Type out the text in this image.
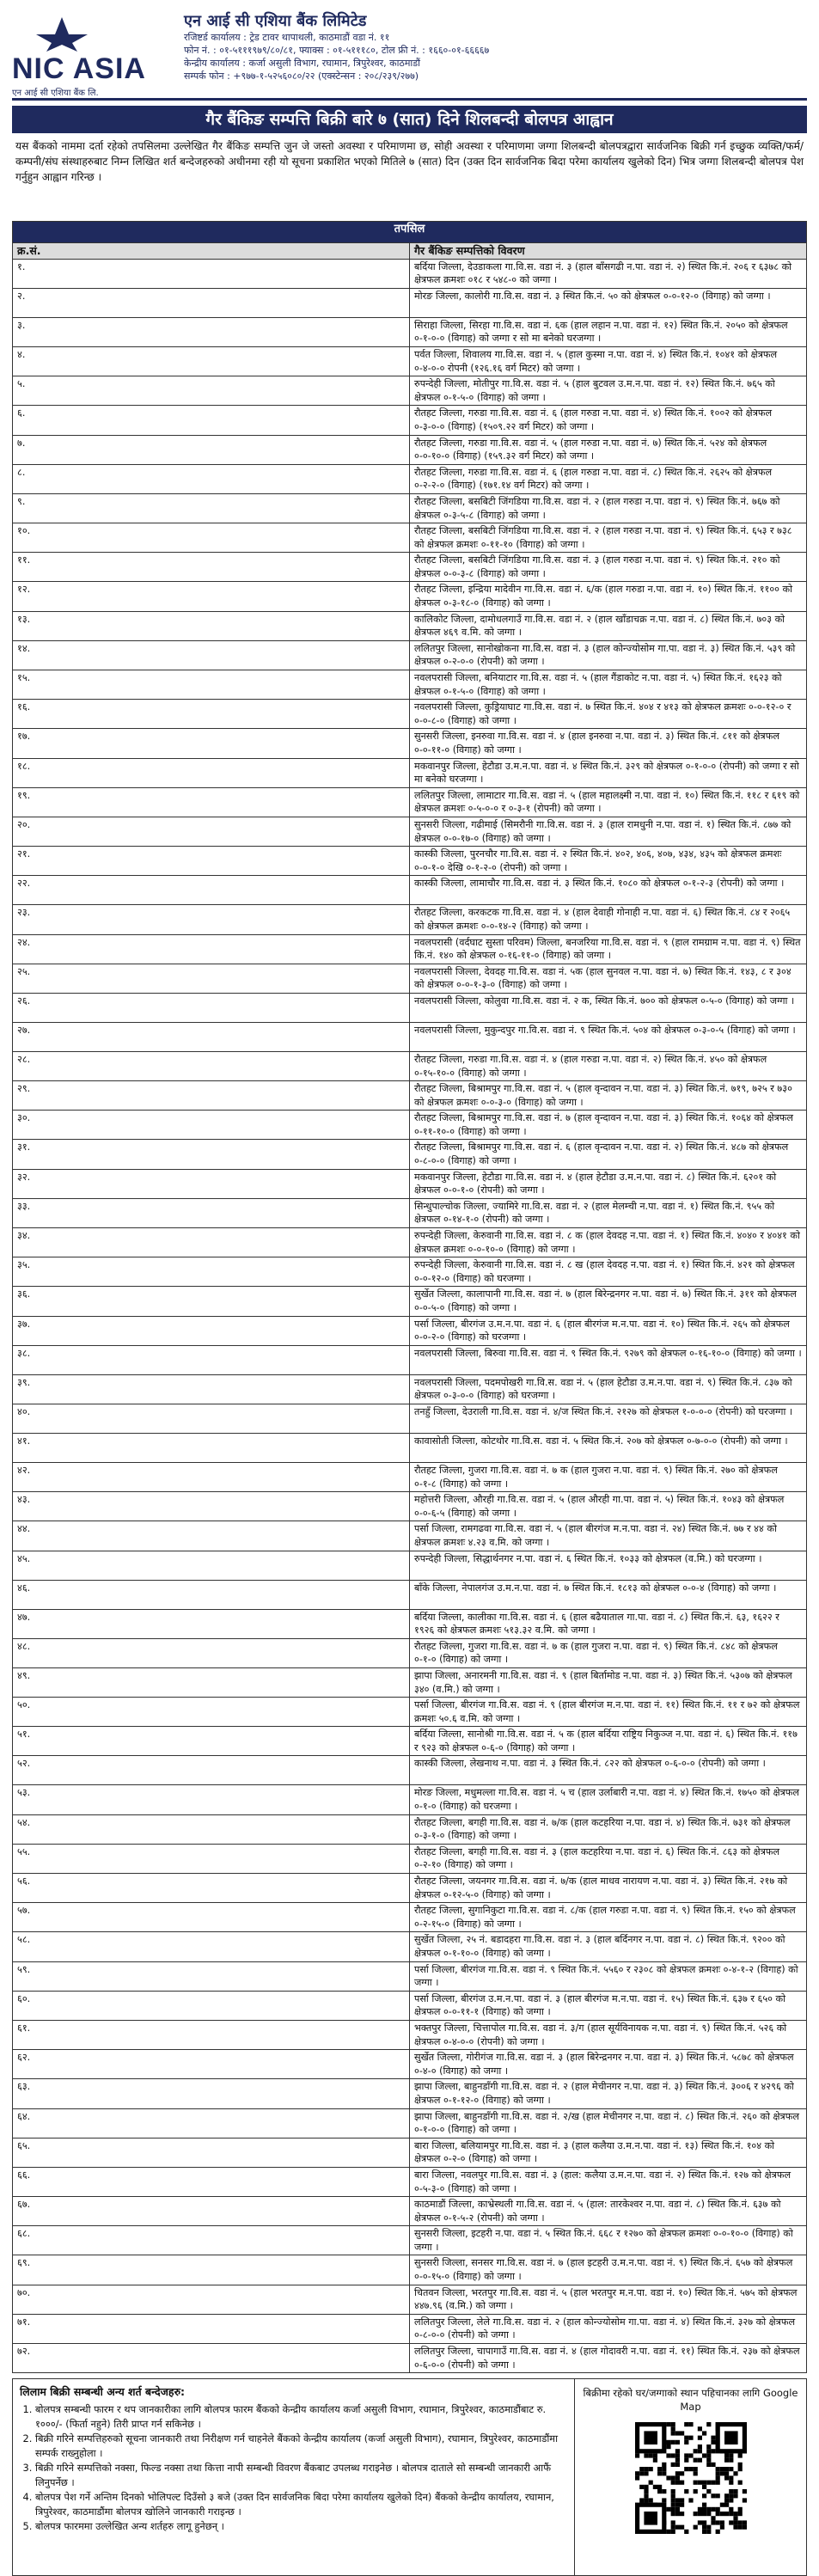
NIC ASIA
एन आई सी एशिया बैंक लि.
एन आई सी एशिया बैंक लिमिटेड
रजिष्टर्ड कार्यालय : ट्रेड टावर थापाथली, काठमाडौं वडा नं. ११
फोन नं. : ०१-५१११९७९/८०/८१, फ्याक्स : ०१-५१११८०, टोल फ्री नं. : १६६०-०१-६६६६७
केन्द्रीय कार्यालय : कर्जा असुली विभाग, रघामान, त्रिपुरेश्वर, काठमाडौं
सम्पर्क फोन : +९७७-१-५२५६०८०/२२ (एक्स्टेन्सन : २०८/२३९/२७७)
गैर बैंकिङ सम्पत्ति बिक्री बारे ७ (सात) दिने शिलबन्दी बोलपत्र आह्वान
यस बैंकको नाममा दर्ता रहेको तपसिलमा उल्लेखित गैर बैंकिङ सम्पत्ति जुन जे जस्तो अवस्था र परिमाणमा छ, सोही अवस्था र परिमाणमा जग्गा शिलबन्दी बोलपत्रद्वारा सार्वजनिक बिक्री गर्न इच्छुक व्यक्ति/फर्म/कम्पनी/संघ संस्थाहरुबाट निम्न लिखित शर्त बन्देजहरुको अधीनमा रही यो सूचना प्रकाशित भएको मितिले ७ (सात) दिन (उक्त दिन सार्वजनिक बिदा परेमा कार्यालय खुलेको दिन) भित्र जग्गा शिलबन्दी बोलपत्र पेश गर्नुहुन आह्वान गरिन्छ ।
तपसिल	
क्र.सं.	गैर बैंकिङ सम्पत्तिको विवरण
१.	बर्दिया जिल्ला, देउडाकला गा.वि.स. वडा नं. ३ (हाल बाँसगढी न.पा. वडा नं. २) स्थित कि.नं. २०६ र ६३७८ को क्षेत्रफल क्रमशः ०१८ र ५४८-० को जग्गा ।
२.	मोरङ जिल्ला, कालोरी गा.वि.स. वडा नं. ३ स्थित कि.नं. ५० को क्षेत्रफल ०-०-१२-० (विगाह) को जग्गा ।
३.	सिराहा जिल्ला, सिरहा गा.वि.स. वडा नं. ६क (हाल लहान न.पा. वडा नं. १२) स्थित कि.नं. २०५० को क्षेत्रफल ०-१-०-० (विगाह) को जग्गा र सो मा बनेको घरजग्गा ।
४.	पर्वत जिल्ला, शिवालय गा.वि.स. वडा नं. ५ (हाल कुस्मा न.पा. वडा नं. ४) स्थित कि.नं. १०४१ को क्षेत्रफल ०-४-०-० रोपनी (१२६.१६ वर्ग मिटर) को जग्गा ।
५.	रुपन्देही जिल्ला, मोतीपुर गा.वि.स. वडा नं. ५ (हाल बुटवल उ.म.न.पा. वडा नं. १२) स्थित कि.नं. ७६५ को क्षेत्रफल ०-१-५-० (विगाह) को जग्गा ।
६.	रौतहट जिल्ला, गरुडा गा.वि.स. वडा नं. ६ (हाल गरुडा न.पा. वडा नं. ४) स्थित कि.नं. १००२ को क्षेत्रफल ०-३-०-० (विगाह) (१५०९.२२ वर्ग मिटर) को जग्गा ।
७.	रौतहट जिल्ला, गरुडा गा.वि.स. वडा नं. ५ (हाल गरुडा न.पा. वडा नं. ७) स्थित कि.नं. ५२४ को क्षेत्रफल ०-०-१०-० (विगाह) (१५९.३२ वर्ग मिटर) को जग्गा ।
८.	रौतहट जिल्ला, गरुडा गा.वि.स. वडा नं. ६ (हाल गरुडा न.पा. वडा नं. ८) स्थित कि.नं. २६२५ को क्षेत्रफल ०-२-२-० (विगाह) (१७१.१४ वर्ग मिटर) को जग्गा ।
९.	रौतहट जिल्ला, बसबिटी जिंगडिया गा.वि.स. वडा नं. २ (हाल गरुडा न.पा. वडा नं. ९) स्थित कि.नं. ७६७ को क्षेत्रफल ०-३-५-८ (विगाह) को जग्गा ।
१०.	रौतहट जिल्ला, बसबिटी जिंगडिया गा.वि.स. वडा नं. २ (हाल गरुडा न.पा. वडा नं. ९) स्थित कि.नं. ६५३ र ७३८ को क्षेत्रफल क्रमशः ०-११-१० (विगाह) को जग्गा ।
११.	रौतहट जिल्ला, बसबिटी जिंगडिया गा.वि.स. वडा नं. ३ (हाल गरुडा न.पा. वडा नं. ९) स्थित कि.नं. २१० को क्षेत्रफल ०-०-३-८ (विगाह) को जग्गा ।
१२.	रौतहट जिल्ला, इन्द्रिया मादेवीन गा.वि.स. वडा नं. ६/क (हाल गरुडा न.पा. वडा नं. १०) स्थित कि.नं. ११०० को क्षेत्रफल ०-३-१८-० (विगाह) को जग्गा ।
१३.	कालिकोट जिल्ला, दामोधलगाउँ गा.वि.स. वडा नं. २ (हाल खाँडाचक्र न.पा. वडा नं. ८) स्थित कि.नं. ७०३ को क्षेत्रफल ४६९ व.मि. को जग्गा ।
१४.	ललितपुर जिल्ला, सानोखोकना गा.वि.स. वडा नं. ३ (हाल कोन्ज्योसोम गा.पा. वडा नं. ३) स्थित कि.नं. ५३९ को क्षेत्रफल ०-२-०-० (रोपनी) को जग्गा ।
१५.	नवलपरासी जिल्ला, बनियाटार गा.वि.स. वडा नं. ५ (हाल गैंडाकोट न.पा. वडा नं. ५) स्थित कि.नं. १६२३ को क्षेत्रफल ०-१-५-० (विगाह) को जग्गा ।
१६.	नवलपरासी जिल्ला, कुड्रियाघाट गा.वि.स. वडा नं. ७ स्थित कि.नं. ४०४ र ४१३ को क्षेत्रफल क्रमशः ०-०-१२-० र ०-०-८-० (विगाह) को जग्गा ।
१७.	सुनसरी जिल्ला, इनरुवा गा.वि.स. वडा नं. ४ (हाल इनरुवा न.पा. वडा नं. ३) स्थित कि.नं. ८११ को क्षेत्रफल ०-०-११-० (विगाह) को जग्गा ।
१८.	मकवानपुर जिल्ला, हेटौडा उ.म.न.पा. वडा नं. ४ स्थित कि.नं. ३२९ को क्षेत्रफल ०-१-०-० (रोपनी) को जग्गा र सो मा बनेको घरजग्गा ।
१९.	ललितपुर जिल्ला, लामाटार गा.वि.स. वडा नं. ५ (हाल महालक्ष्मी न.पा. वडा नं. १०) स्थित कि.नं. ११८ र ६१९ को क्षेत्रफल क्रमशः ०-५-०-० र ०-३-१ (रोपनी) को जग्गा ।
२०.	सुनसरी जिल्ला, गढीमाई (सिमरौनी गा.वि.स. वडा नं. ३ (हाल रामधुनी न.पा. वडा नं. १) स्थित कि.नं. ८७७ को क्षेत्रफल ०-०-१७-० (विगाह) को जग्गा ।
२१.	कास्की जिल्ला, पुरनचौर गा.वि.स. वडा नं. २ स्थित कि.नं. ४०२, ४०६, ४०७, ४३४, ४३५ को क्षेत्रफल क्रमशः ०-०-१-० देखि ०-१-२-० (रोपनी) को जग्गा ।
२२.	कास्की जिल्ला, लामाचौर गा.वि.स. वडा नं. ३ स्थित कि.नं. १०८० को क्षेत्रफल ०-१-२-३ (रोपनी) को जग्गा ।
२३.	रौतहट जिल्ला, करकटक गा.वि.स. वडा नं. ४ (हाल देवाही गोनाही न.पा. वडा नं. ६) स्थित कि.नं. ८४ र २०६५ को क्षेत्रफल क्रमशः ०-०-१४-२ (विगाह) को जग्गा ।
२४.	नवलपरासी (वर्दघाट सुस्ता परिवम) जिल्ला, बनजरिया गा.वि.स. वडा नं. ९ (हाल रामग्राम न.पा. वडा नं. ९) स्थित कि.नं. १४० को क्षेत्रफल ०-१६-११-० (विगाह) को जग्गा ।
२५.	नवलपरासी जिल्ला, देवदह गा.वि.स. वडा नं. ५क (हाल सुनवल न.पा. वडा नं. ७) स्थित कि.नं. १४३, ८ र ३०४ को क्षेत्रफल ०-०-१-३-० (विगाह) को जग्गा ।
२६.	नवलपरासी जिल्ला, कोलुवा गा.वि.स. वडा नं. २ क, स्थित कि.नं. ७०० को क्षेत्रफल ०-५-० (विगाह) को जग्गा ।
२७.	नवलपरासी जिल्ला, मुकुन्दपुर गा.वि.स. वडा नं. ९ स्थित कि.नं. ५०४ को क्षेत्रफल ०-३-०-५ (विगाह) को जग्गा ।
२८.	रौतहट जिल्ला, गरुडा गा.वि.स. वडा नं. ४ (हाल गरुडा न.पा. वडा नं. २) स्थित कि.नं. ४५० को क्षेत्रफल ०-१५-१०-० (विगाह) को जग्गा ।
२९.	रौतहट जिल्ला, बिश्रामपुर गा.वि.स. वडा नं. ५ (हाल वृन्दावन न.पा. वडा नं. ३) स्थित कि.नं. ७१९, ७२५ र ७३० को क्षेत्रफल क्रमशः ०-०-३-० (विगाह) को जग्गा ।
३०.	रौतहट जिल्ला, बिश्रामपुर गा.वि.स. वडा नं. ७ (हाल वृन्दावन न.पा. वडा नं. ३) स्थित कि.नं. १०६४ को क्षेत्रफल ०-११-१०-० (विगाह) को जग्गा ।
३१.	रौतहट जिल्ला, बिश्रामपुर गा.वि.स. वडा नं. ६ (हाल वृन्दावन न.पा. वडा नं. २) स्थित कि.नं. ४८७ को क्षेत्रफल ०-८-०-० (विगाह) को जग्गा ।
३२.	मकवानपुर जिल्ला, हेटौडा गा.वि.स. वडा नं. ४ (हाल हेटौडा उ.म.न.पा. वडा नं. ८) स्थित कि.नं. ६२०१ को क्षेत्रफल ०-०-१-० (रोपनी) को जग्गा ।
३३.	सिन्धुपाल्चोक जिल्ला, ज्यामिरे गा.वि.स. वडा नं. २ (हाल मेलम्ची न.पा. वडा नं. १) स्थित कि.नं. ९५५ को क्षेत्रफल ०-१४-१-० (रोपनी) को जग्गा ।
३४.	रुपन्देही जिल्ला, केरुवानी गा.वि.स. वडा नं. ८ क (हाल देवदह न.पा. वडा नं. १) स्थित कि.नं. ४०४० र ४०४१ को क्षेत्रफल क्रमशः ०-०-१०-० (विगाह) को जग्गा ।
३५.	रुपन्देही जिल्ला, केरुवानी गा.वि.स. वडा नं. ८ ख (हाल देवदह न.पा. वडा नं. १) स्थित कि.नं. ४२१ को क्षेत्रफल ०-०-१२-० (विगाह) को घरजग्गा ।
३६.	सुर्खेत जिल्ला, कालापानी गा.वि.स. वडा नं. ७ (हाल बिरेन्द्रनगर न.पा. वडा नं. ७) स्थित कि.नं. ३११ को क्षेत्रफल ०-०-५-० (विगाह) को जग्गा ।
३७.	पर्सा जिल्ला, बीरगंज उ.म.न.पा. वडा नं. ६ (हाल बीरगंज म.न.पा. वडा नं. १०) स्थित कि.नं. २६५ को क्षेत्रफल ०-०-२-० (विगाह) को घरजग्गा ।
३८.	नवलपरासी जिल्ला, बिरुवा गा.वि.स. वडा नं. ९ स्थित कि.नं. ९२७९ को क्षेत्रफल ०-१६-१०-० (विगाह) को जग्गा ।
३९.	नवलपरासी जिल्ला, पदमपोखरी गा.वि.स. वडा नं. ५ (हाल हेटौडा उ.म.न.पा. वडा नं. ९) स्थित कि.नं. ८३७ को क्षेत्रफल ०-३-०-० (विगाह) को घरजग्गा ।
४०.	तनहुँ जिल्ला, देउराली गा.वि.स. वडा नं. ४/ज स्थित कि.नं. २१२७ को क्षेत्रफल १-०-०-० (रोपनी) को घरजग्गा ।
४१.	कावासोती जिल्ला, कोटथोर गा.वि.स. वडा नं. ५ स्थित कि.नं. २०७ को क्षेत्रफल ०-७-०-० (रोपनी) को जग्गा ।
४२.	रौतहट जिल्ला, गुजरा गा.वि.स. वडा नं. ७ क (हाल गुजरा न.पा. वडा नं. ९) स्थित कि.नं. २७० को क्षेत्रफल ०-१-८ (विगाह) को जग्गा ।
४३.	महोत्तरी जिल्ला, औरही गा.वि.स. वडा नं. ५ (हाल औरही गा.पा. वडा नं. ५) स्थित कि.नं. १०४३ को क्षेत्रफल ०-०-६-५ (विगाह) को जग्गा ।
४४.	पर्सा जिल्ला, रामगढवा गा.वि.स. वडा नं. ५ (हाल बीरगंज म.न.पा. वडा नं. २४) स्थित कि.नं. ७७ र ४४ को क्षेत्रफल क्रमशः ४.२३ व.मि. को जग्गा ।
४५.	रुपन्देही जिल्ला, सिद्धार्थनगर न.पा. वडा नं. ६ स्थित कि.नं. १०३३ को क्षेत्रफल (व.मि.) को घरजग्गा ।
४६.	बाँके जिल्ला, नेपालगंज उ.म.न.पा. वडा नं. ७ स्थित कि.नं. १८१३ को क्षेत्रफल ०-०-४ (विगाह) को जग्गा ।
४७.	बर्दिया जिल्ला, कालीका गा.वि.स. वडा नं. ६ (हाल बढैयाताल गा.पा. वडा नं. ८) स्थित कि.नं. ६३, १६२२ र १९२६ को क्षेत्रफल क्रमशः ५१३.३२ व.मि. को जग्गा ।
४८.	रौतहट जिल्ला, गुजरा गा.वि.स. वडा नं. ७ क (हाल गुजरा न.पा. वडा नं. ९) स्थित कि.नं. ८४८ को क्षेत्रफल ०-१-० (विगाह) को जग्गा ।
४९.	झापा जिल्ला, अनारमनी गा.वि.स. वडा नं. ९ (हाल बिर्तामोड न.पा. वडा नं. ३) स्थित कि.नं. ५३०७ को क्षेत्रफल ३४० (व.मि.) को जग्गा ।
५०.	पर्सा जिल्ला, बीरगंज गा.वि.स. वडा नं. ९ (हाल बीरगंज म.न.पा. वडा नं. ११) स्थित कि.नं. ११ र ७२ को क्षेत्रफल क्रमशः ५०.६ व.मि. को जग्गा ।
५१.	बर्दिया जिल्ला, सानोश्री गा.वि.स. वडा नं. ५ क (हाल बर्दिया राष्ट्रिय निकुञ्ज न.पा. वडा नं. ६) स्थित कि.नं. ११७ र ९२३ को क्षेत्रफल ०-६-० (विगाह) को जग्गा ।
५२.	कास्की जिल्ला, लेखनाथ न.पा. वडा नं. ३ स्थित कि.नं. ८२२ को क्षेत्रफल ०-६-०-० (रोपनी) को जग्गा ।
५३.	मोरङ जिल्ला, मधुमल्ला गा.वि.स. वडा नं. ५ च (हाल उर्लाबारी न.पा. वडा नं. ४) स्थित कि.नं. १७५० को क्षेत्रफल ०-१-० (विगाह) को घरजग्गा ।
५४.	रौतहट जिल्ला, बगही गा.वि.स. वडा नं. ७/क (हाल कटहरिया न.पा. वडा नं. ४) स्थित कि.नं. ७३१ को क्षेत्रफल ०-३-१-० (विगाह) को जग्गा ।
५५.	रौतहट जिल्ला, बगही गा.वि.स. वडा नं. ३ (हाल कटहरिया न.पा. वडा नं. ६) स्थित कि.नं. ८६३ को क्षेत्रफल ०-२-१० (विगाह) को जग्गा ।
५६.	रौतहट जिल्ला, जयनगर गा.वि.स. वडा नं. ७/क (हाल माधव नारायण न.पा. वडा नं. ३) स्थित कि.नं. २१७ को क्षेत्रफल ०-१२-५-० (विगाह) को जग्गा ।
५७.	रौतहट जिल्ला, सुगानिकुटा गा.वि.स. वडा नं. ८/क (हाल गरुडा न.पा. वडा नं. ९) स्थित कि.नं. १५० को क्षेत्रफल ०-२-१५-० (विगाह) को जग्गा ।
५८.	सुर्खेत जिल्ला, २५ नं. बडादहरा गा.वि.स. वडा नं. ३ (हाल बर्दिनगर न.पा. वडा नं. ८) स्थित कि.नं. ९२०० को क्षेत्रफल ०-१-१०-० (विगाह) को जग्गा ।
५९.	पर्सा जिल्ला, बीरगंज गा.वि.स. वडा नं. ९ स्थित कि.नं. ५५६० र २३०८ को क्षेत्रफल क्रमशः ०-४-१-२ (विगाह) को जग्गा ।
६०.	पर्सा जिल्ला, बीरगंज उ.म.न.पा. वडा नं. ३ (हाल बीरगंज म.न.पा. वडा नं. १५) स्थित कि.नं. ६३७ र ६५० को क्षेत्रफल ०-०-११-१ (विगाह) को जग्गा ।
६१.	भक्तपुर जिल्ला, चित्तापोल गा.वि.स. वडा नं. ३/ग (हाल सूर्यविनायक न.पा. वडा नं. ९) स्थित कि.नं. ५२६ को क्षेत्रफल ०-४-०-० (रोपनी) को जग्गा ।
६२.	सुर्खेत जिल्ला, गोरीगंज गा.वि.स. वडा नं. ३ (हाल बिरेन्द्रनगर न.पा. वडा नं. ३) स्थित कि.नं. ५८७८ को क्षेत्रफल ०-४-० (विगाह) को जग्गा ।
६३.	झापा जिल्ला, बाहुनडाँगी गा.वि.स. वडा नं. २ (हाल मेचीनगर न.पा. वडा नं. ३) स्थित कि.नं. ३००६ र ४२९६ को क्षेत्रफल ०-१-१२-० (विगाह) को जग्गा ।
६४.	झापा जिल्ला, बाहुनडाँगी गा.वि.स. वडा नं. २/ख (हाल मेचीनगर न.पा. वडा नं. ८) स्थित कि.नं. २६० को क्षेत्रफल ०-१-०-० (विगाह) को जग्गा ।
६५.	बारा जिल्ला, बलियामपुर गा.वि.स. वडा नं. ३ (हाल कलैया उ.म.न.पा. वडा नं. १३) स्थित कि.नं. १०४ को क्षेत्रफल ०-२-० (विगाह) को जग्गा ।
६६.	बारा जिल्ला, नवलपुर गा.वि.स. वडा नं. ३ (हाल: कलैया उ.म.न.पा. वडा नं. २) स्थित कि.नं. १२७ को क्षेत्रफल ०-५-३-० (विगाह) को जग्गा ।
६७.	काठमाडौं जिल्ला, काभ्रेस्थली गा.वि.स. वडा नं. ५ (हाल: तारकेश्वर न.पा. वडा नं. ८) स्थित कि.नं. ६३७ को क्षेत्रफल ०-१-५-२ (रोपनी) को जग्गा ।
६८.	सुनसरी जिल्ला, इटहरी न.पा. वडा नं. ५ स्थित कि.नं. ६६८ र १२७० को क्षेत्रफल क्रमशः ०-०-१०-० (विगाह) को जग्गा ।
६९.	सुनसरी जिल्ला, सनसर गा.वि.स. वडा नं. ७ (हाल इटहरी उ.म.न.पा. वडा नं. ९) स्थित कि.नं. ६५७ को क्षेत्रफल ०-०-१५-० (विगाह) को जग्गा ।
७०.	चितवन जिल्ला, भरतपुर गा.वि.स. वडा नं. ५ (हाल भरतपुर म.न.पा. वडा नं. १०) स्थित कि.नं. ५७५ को क्षेत्रफल ४४७.९६ (व.मि.) को जग्गा ।
७१.	ललितपुर जिल्ला, लेले गा.वि.स. वडा नं. २ (हाल कोन्ज्योसोम गा.पा. वडा नं. ४) स्थित कि.नं. ३२७ को क्षेत्रफल ०-८-०-० (रोपनी) को जग्गा ।
७२.	ललितपुर जिल्ला, चापागाउँ गा.वि.स. वडा नं. ४ (हाल गोदावरी न.पा. वडा नं. ११) स्थित कि.नं. २३७ को क्षेत्रफल ०-६-०-० (रोपनी) को जग्गा ।
लिलाम बिक्री सम्बन्धी अन्य शर्त बन्देजहरु:
1. बोलपत्र सम्बन्धी फारम र थप जानकारीका लागि बोलपत्र फारम बैंकको केन्द्रीय कार्यालय कर्जा असुली विभाग, रघामान, त्रिपुरेश्वर, काठमाडौंबाट रु. १०००/- (फिर्ता नहुने) तिरी प्राप्त गर्न सकिनेछ ।
2. बिक्री गरिने सम्पत्तिहरुको सूचना जानकारी तथा निरीक्षण गर्न चाहनेले बैंकको केन्द्रीय कार्यालय (कर्जा असुली विभाग), रघामान, त्रिपुरेश्वर, काठमाडौंमा सम्पर्क राख्नुहोला ।
3. बिक्री गरिने सम्पत्तिको नक्सा, फिल्ड नक्सा तथा कित्ता नापी सम्बन्धी विवरण बैंकबाट उपलब्ध गराइनेछ । बोलपत्र दाताले सो सम्बन्धी जानकारी आफैं लिनुपर्नेछ ।
4. बोलपत्र पेश गर्ने अन्तिम दिनको भोलिपल्ट दिउँसो ३ बजे (उक्त दिन सार्वजनिक बिदा परेमा कार्यालय खुलेको दिन) बैंकको केन्द्रीय कार्यालय, रघामान, त्रिपुरेश्वर, काठमाडौंमा बोलपत्र खोलिने जानकारी गराइन्छ ।
5. बोलपत्र फारममा उल्लेखित अन्य शर्तहरु लागू हुनेछन् ।
बिक्रीमा रहेको घर/जग्गाको स्थान पहिचानका लागि Google Map
